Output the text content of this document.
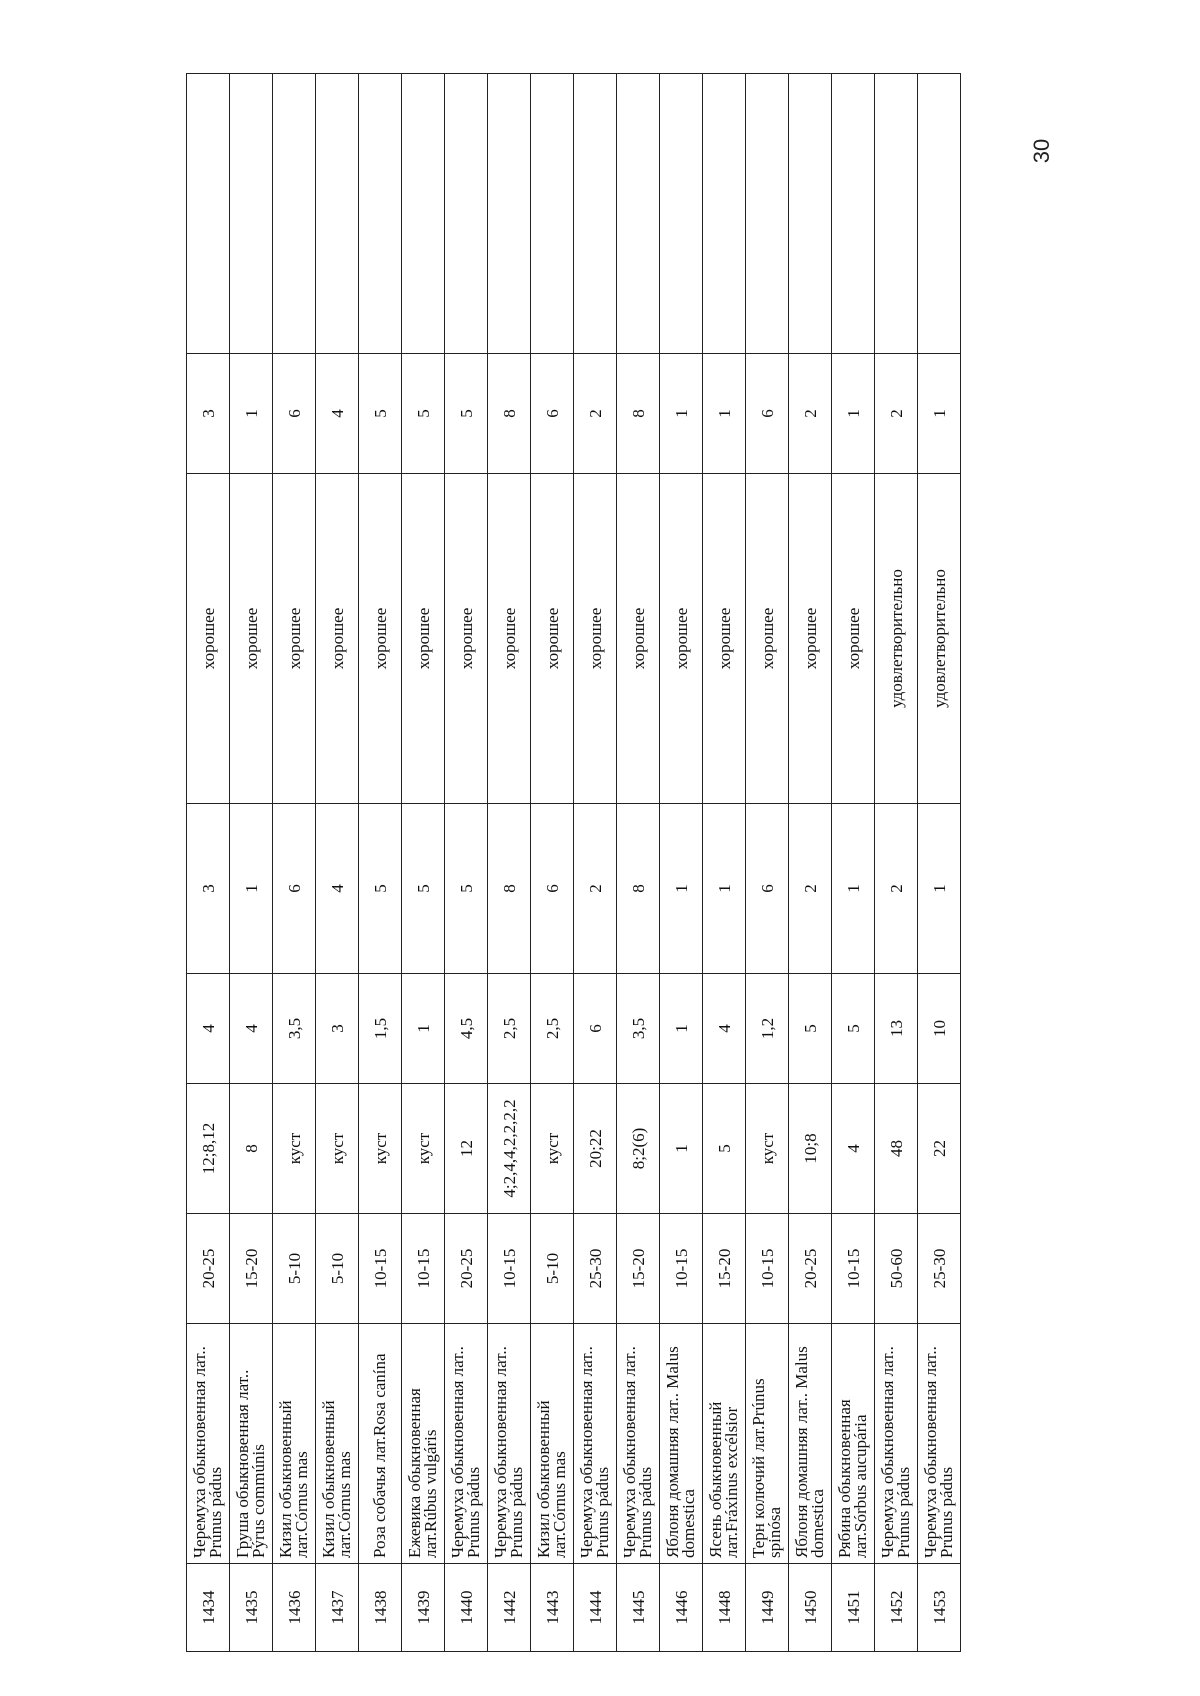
1434	Черемуха обыкновенная лат.. Prúnus pádus	20-25	12;8,12	4	3	хорошее	3	
1435	Груша обыкновенная лат.. Pýrus commúnis	15-20	8	4	1	хорошее	1	
1436	Кизил обыкновенный лат.Córnus mas	5-10	куст	3,5	6	хорошее	6	
1437	Кизил обыкновенный лат.Córnus mas	5-10	куст	3	4	хорошее	4	
1438	Роза собачья лат.Rosa canína	10-15	куст	1,5	5	хорошее	5	
1439	Ежевика обыкновенная лат.Rúbus vulgáris	10-15	куст	1	5	хорошее	5	
1440	Черемуха обыкновенная лат.. Prúnus pádus	20-25	12	4,5	5	хорошее	5	
1442	Черемуха обыкновенная лат.. Prúnus pádus	10-15	4;2,4,4,2,2,2,2	2,5	8	хорошее	8	
1443	Кизил обыкновенный лат.Córnus mas	5-10	куст	2,5	6	хорошее	6	
1444	Черемуха обыкновенная лат.. Prúnus pádus	25-30	20;22	6	2	хорошее	2	
1445	Черемуха обыкновенная лат.. Prúnus pádus	15-20	8;2(6)	3,5	8	хорошее	8	
1446	Яблоня домашняя лат.. Malus domestica	10-15	1	1	1	хорошее	1	
1448	Ясень обыкновенный лат.Fráxinus excélsior	15-20	5	4	1	хорошее	1	
1449	Терн колючий лат.Prúnus spinósa	10-15	куст	1,2	6	хорошее	6	
1450	Яблоня домашняя лат.. Malus domestica	20-25	10;8	5	2	хорошее	2	
1451	Рябина обыкновенная лат.Sórbus aucupária	10-15	4	5	1	хорошее	1	
1452	Черемуха обыкновенная лат.. Prúnus pádus	50-60	48	13	2	удовлетворительно	2	
1453	Черемуха обыкновенная лат.. Prúnus pádus	25-30	22	10	1	удовлетворительно	1	
30
